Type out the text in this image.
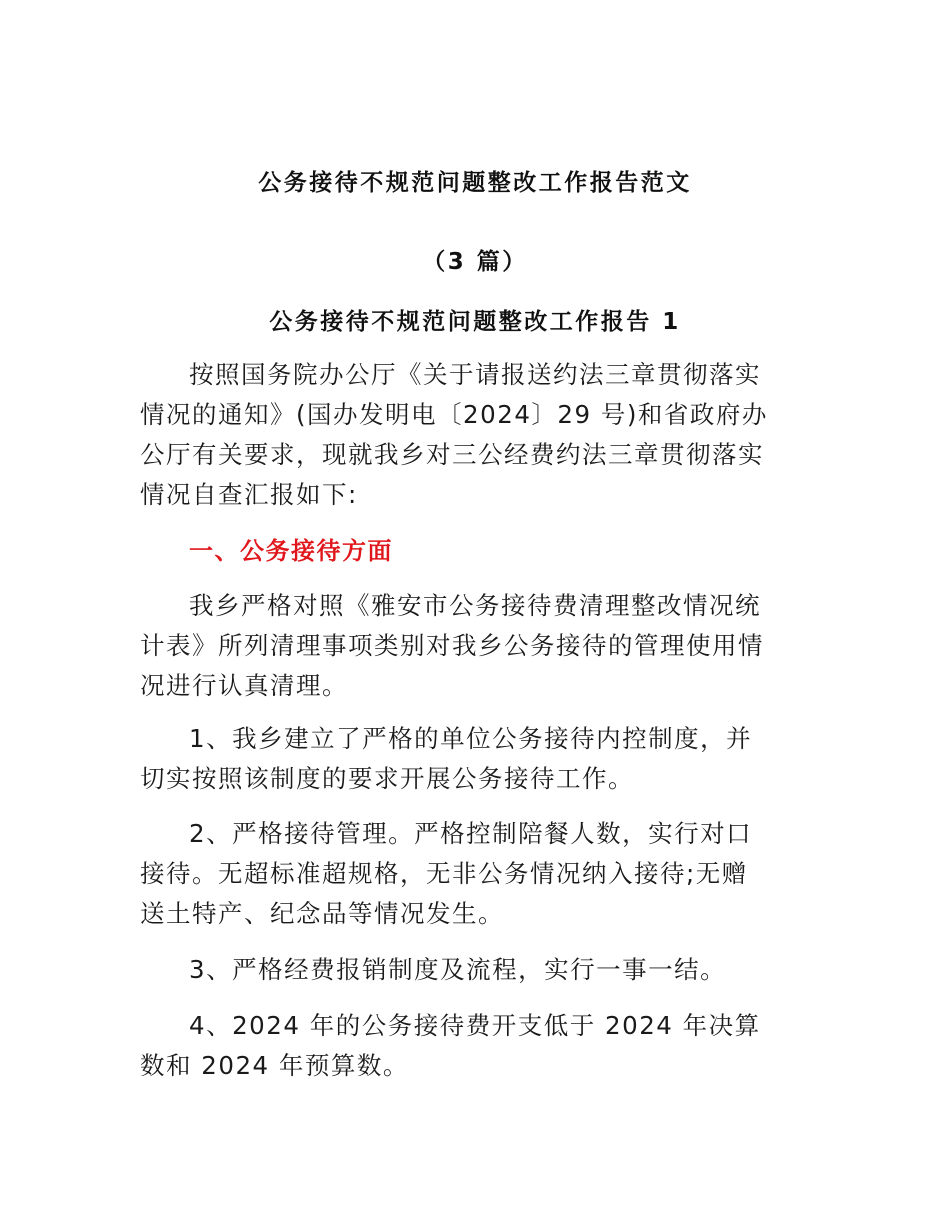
公务接待不规范问题整改工作报告范文
（3 篇）
公务接待不规范问题整改工作报告 1
按照国务院办公厅《关于请报送约法三章贯彻落实
情况的通知》(国办发明电〔2024〕29 号)和省政府办
公厅有关要求，现就我乡对三公经费约法三章贯彻落实
情况自查汇报如下:
一、公务接待方面
我乡严格对照《雅安市公务接待费清理整改情况统
计表》所列清理事项类别对我乡公务接待的管理使用情
况进行认真清理。
1、我乡建立了严格的单位公务接待内控制度，并
切实按照该制度的要求开展公务接待工作。
2、严格接待管理。严格控制陪餐人数，实行对口
接待。无超标准超规格，无非公务情况纳入接待;无赠
送土特产、纪念品等情况发生。
3、严格经费报销制度及流程，实行一事一结。
4、2024 年的公务接待费开支低于 2024 年决算
数和 2024 年预算数。
